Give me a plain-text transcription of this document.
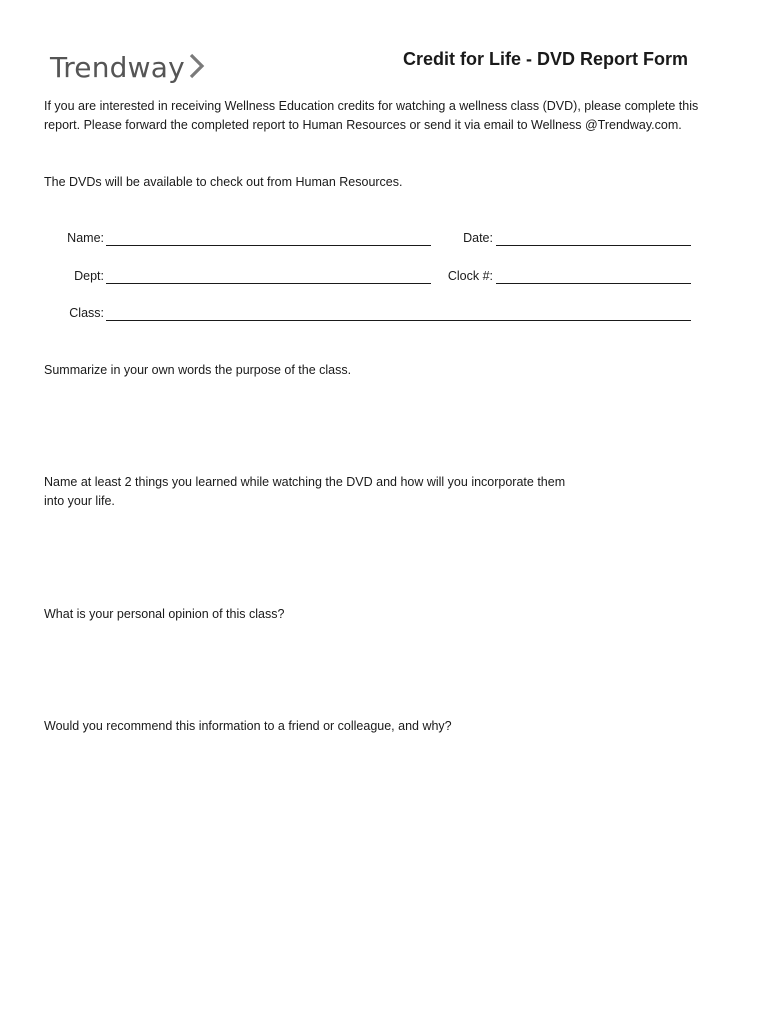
Trendway	Credit for Life - DVD Report Form

If you are interested in receiving Wellness Education credits for watching a wellness class (DVD), please complete this report. Please forward the completed report to Human Resources or send it via email to Wellness @Trendway.com.

The DVDs will be available to check out from Human Resources.

Name:	Date:
Dept:	Clock #:
Class:

Summarize in your own words the purpose of the class.

Name at least 2 things you learned while watching the DVD and how will you incorporate them
into your life.

What is your personal opinion of this class?

Would you recommend this information to a friend or colleague, and why?
